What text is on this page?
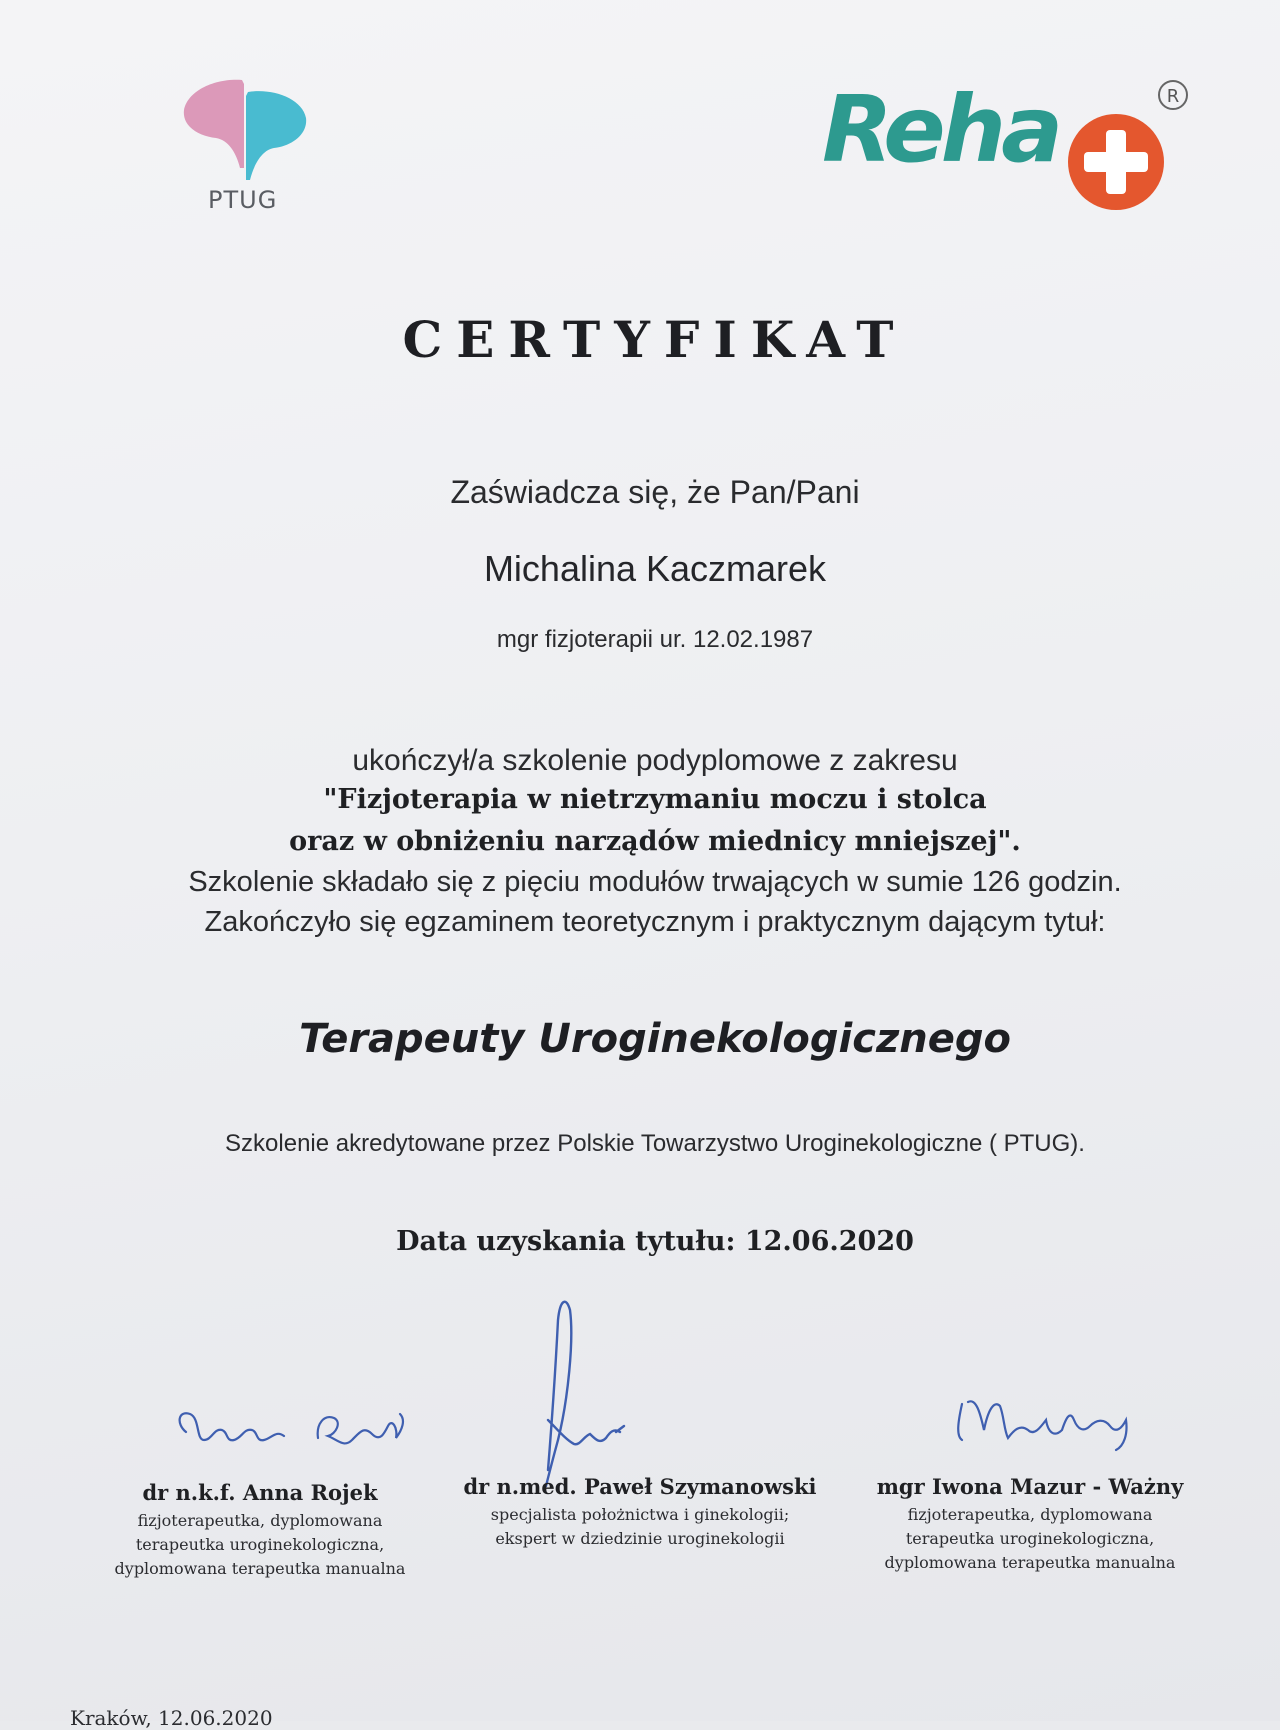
PTUG
Reha	R
CERTYFIKAT
Zaświadcza się, że Pan/Pani
Michalina Kaczmarek
mgr fizjoterapii ur. 12.02.1987
ukończył/a szkolenie podyplomowe z zakresu
"Fizjoterapia w nietrzymaniu moczu i stolca
oraz w obniżeniu narządów miednicy mniejszej".
Szkolenie składało się z pięciu modułów trwających w sumie 126 godzin.
Zakończyło się egzaminem teoretycznym i praktycznym dającym tytuł:
Terapeuty Uroginekologicznego
Szkolenie akredytowane przez Polskie Towarzystwo Uroginekologiczne ( PTUG).
Data uzyskania tytułu: 12.06.2020
dr n.k.f. Anna Rojek
fizjoterapeutka, dyplomowana
terapeutka uroginekologiczna,
dyplomowana terapeutka manualna
dr n.med. Paweł Szymanowski
specjalista położnictwa i ginekologii;
ekspert w dziedzinie uroginekologii
mgr Iwona Mazur - Ważny
fizjoterapeutka, dyplomowana
terapeutka uroginekologiczna,
dyplomowana terapeutka manualna
Kraków, 12.06.2020
